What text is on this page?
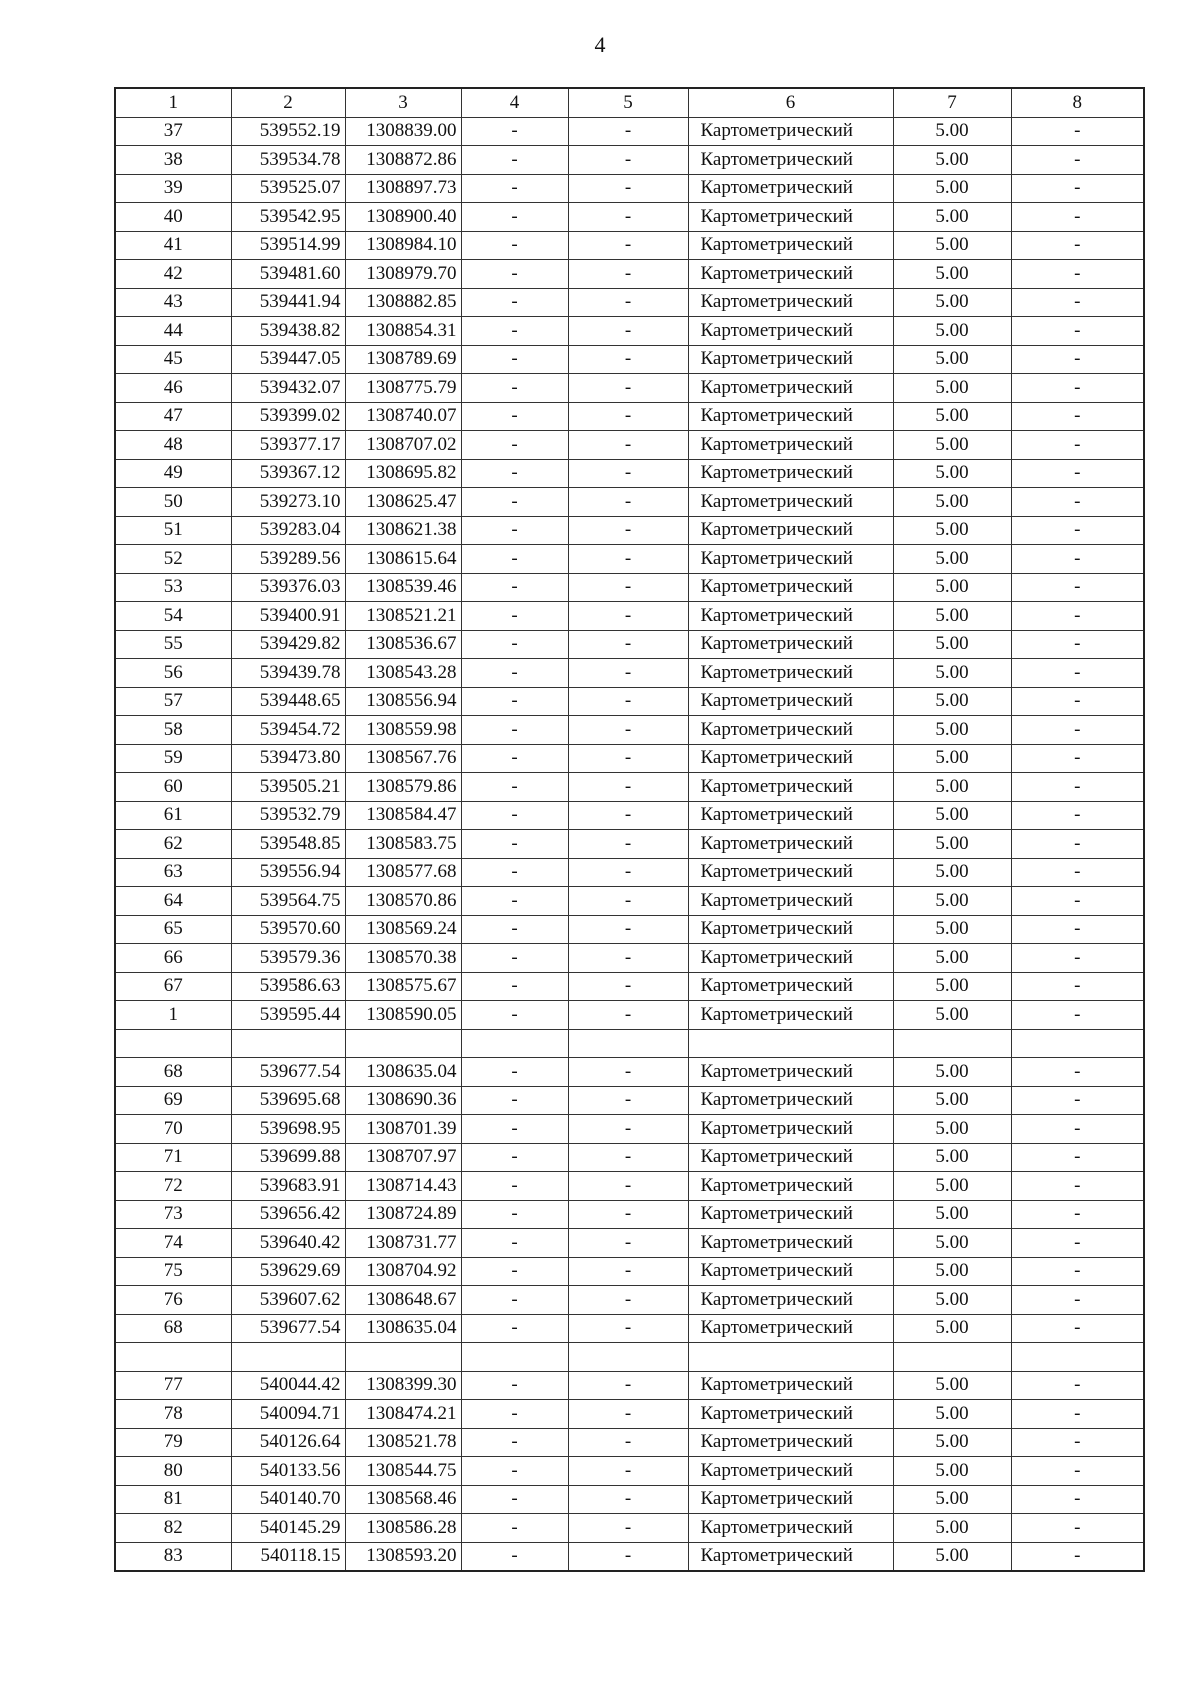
4
1	2	3	4	5	6	7	8
37	539552.19	1308839.00	-	-	Картометрический	5.00	-
38	539534.78	1308872.86	-	-	Картометрический	5.00	-
39	539525.07	1308897.73	-	-	Картометрический	5.00	-
40	539542.95	1308900.40	-	-	Картометрический	5.00	-
41	539514.99	1308984.10	-	-	Картометрический	5.00	-
42	539481.60	1308979.70	-	-	Картометрический	5.00	-
43	539441.94	1308882.85	-	-	Картометрический	5.00	-
44	539438.82	1308854.31	-	-	Картометрический	5.00	-
45	539447.05	1308789.69	-	-	Картометрический	5.00	-
46	539432.07	1308775.79	-	-	Картометрический	5.00	-
47	539399.02	1308740.07	-	-	Картометрический	5.00	-
48	539377.17	1308707.02	-	-	Картометрический	5.00	-
49	539367.12	1308695.82	-	-	Картометрический	5.00	-
50	539273.10	1308625.47	-	-	Картометрический	5.00	-
51	539283.04	1308621.38	-	-	Картометрический	5.00	-
52	539289.56	1308615.64	-	-	Картометрический	5.00	-
53	539376.03	1308539.46	-	-	Картометрический	5.00	-
54	539400.91	1308521.21	-	-	Картометрический	5.00	-
55	539429.82	1308536.67	-	-	Картометрический	5.00	-
56	539439.78	1308543.28	-	-	Картометрический	5.00	-
57	539448.65	1308556.94	-	-	Картометрический	5.00	-
58	539454.72	1308559.98	-	-	Картометрический	5.00	-
59	539473.80	1308567.76	-	-	Картометрический	5.00	-
60	539505.21	1308579.86	-	-	Картометрический	5.00	-
61	539532.79	1308584.47	-	-	Картометрический	5.00	-
62	539548.85	1308583.75	-	-	Картометрический	5.00	-
63	539556.94	1308577.68	-	-	Картометрический	5.00	-
64	539564.75	1308570.86	-	-	Картометрический	5.00	-
65	539570.60	1308569.24	-	-	Картометрический	5.00	-
66	539579.36	1308570.38	-	-	Картометрический	5.00	-
67	539586.63	1308575.67	-	-	Картометрический	5.00	-
1	539595.44	1308590.05	-	-	Картометрический	5.00	-

68	539677.54	1308635.04	-	-	Картометрический	5.00	-
69	539695.68	1308690.36	-	-	Картометрический	5.00	-
70	539698.95	1308701.39	-	-	Картометрический	5.00	-
71	539699.88	1308707.97	-	-	Картометрический	5.00	-
72	539683.91	1308714.43	-	-	Картометрический	5.00	-
73	539656.42	1308724.89	-	-	Картометрический	5.00	-
74	539640.42	1308731.77	-	-	Картометрический	5.00	-
75	539629.69	1308704.92	-	-	Картометрический	5.00	-
76	539607.62	1308648.67	-	-	Картометрический	5.00	-
68	539677.54	1308635.04	-	-	Картометрический	5.00	-

77	540044.42	1308399.30	-	-	Картометрический	5.00	-
78	540094.71	1308474.21	-	-	Картометрический	5.00	-
79	540126.64	1308521.78	-	-	Картометрический	5.00	-
80	540133.56	1308544.75	-	-	Картометрический	5.00	-
81	540140.70	1308568.46	-	-	Картометрический	5.00	-
82	540145.29	1308586.28	-	-	Картометрический	5.00	-
83	540118.15	1308593.20	-	-	Картометрический	5.00	-
